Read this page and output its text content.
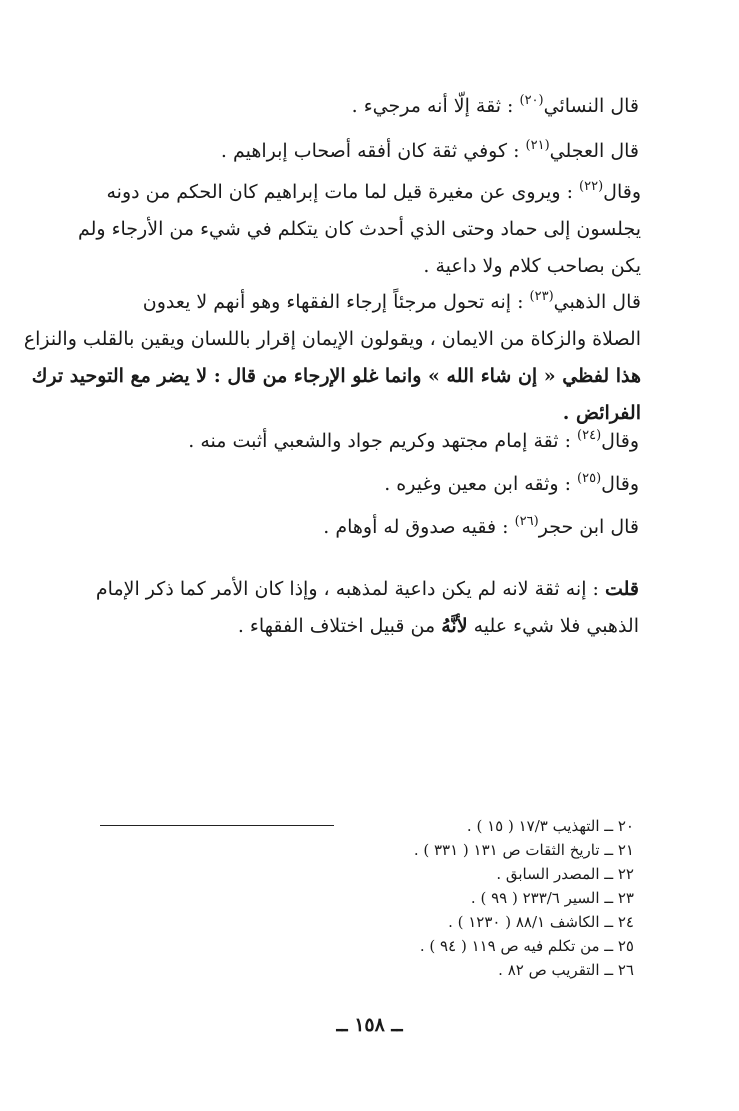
قال النسائي$^{(٢٠)}$ : ثقة إلّا أنه مرجيء .
قال العجلي$^{(٢١)}$ : كوفي ثقة كان أفقه أصحاب إبراهيم .
وقال$^{(٢٢)}$ : ويروى عن مغيرة قيل لما مات إبراهيم كان الحكم من دونه
يجلسون إلى حماد وحتى الذي أحدث كان يتكلم في شيء من الأرجاء ولم
يكن بصاحب كلام ولا داعية .
قال الذهبي$^{(٢٣)}$ : إنه تحول مرجئاً إرجاء الفقهاء وهو أنهم لا يعدون
الصلاة والزكاة من الايمان ، ويقولون الإيمان إقرار باللسان ويقين بالقلب والنزاع
هذا لفظي « إن شاء الله » وانما غلو الإرجاء من قال : لا يضر مع التوحيد ترك
الفرائض .
وقال$^{(٢٤)}$ : ثقة إمام مجتهد وكريم جواد والشعبي أثبت منه .
وقال$^{(٢٥)}$ : وثقه ابن معين وغيره .
قال ابن حجر$^{(٢٦)}$ : فقيه صدوق له أوهام .
قلت : إنه ثقة لانه لم يكن داعية لمذهبه ، وإذا كان الأمر كما ذكر الإمام
الذهبي فلا شيء عليه لأنَّهُ من قبيل اختلاف الفقهاء .
٢٠ ــ التهذيب ١٧/٣ ( ١٥ ) .
٢١ ــ تاريخ الثقات ص ١٣١ ( ٣٣١ ) .
٢٢ ــ المصدر السابق .
٢٣ ــ السير ٢٣٣/٦ ( ٩٩ ) .
٢٤ ــ الكاشف ٨٨/١ ( ١٢٣٠ ) .
٢٥ ــ من تكلم فيه ص ١١٩ ( ٩٤ ) .
٢٦ ــ التقريب ص ٨٢ .
ــ ١٥٨ ــ
